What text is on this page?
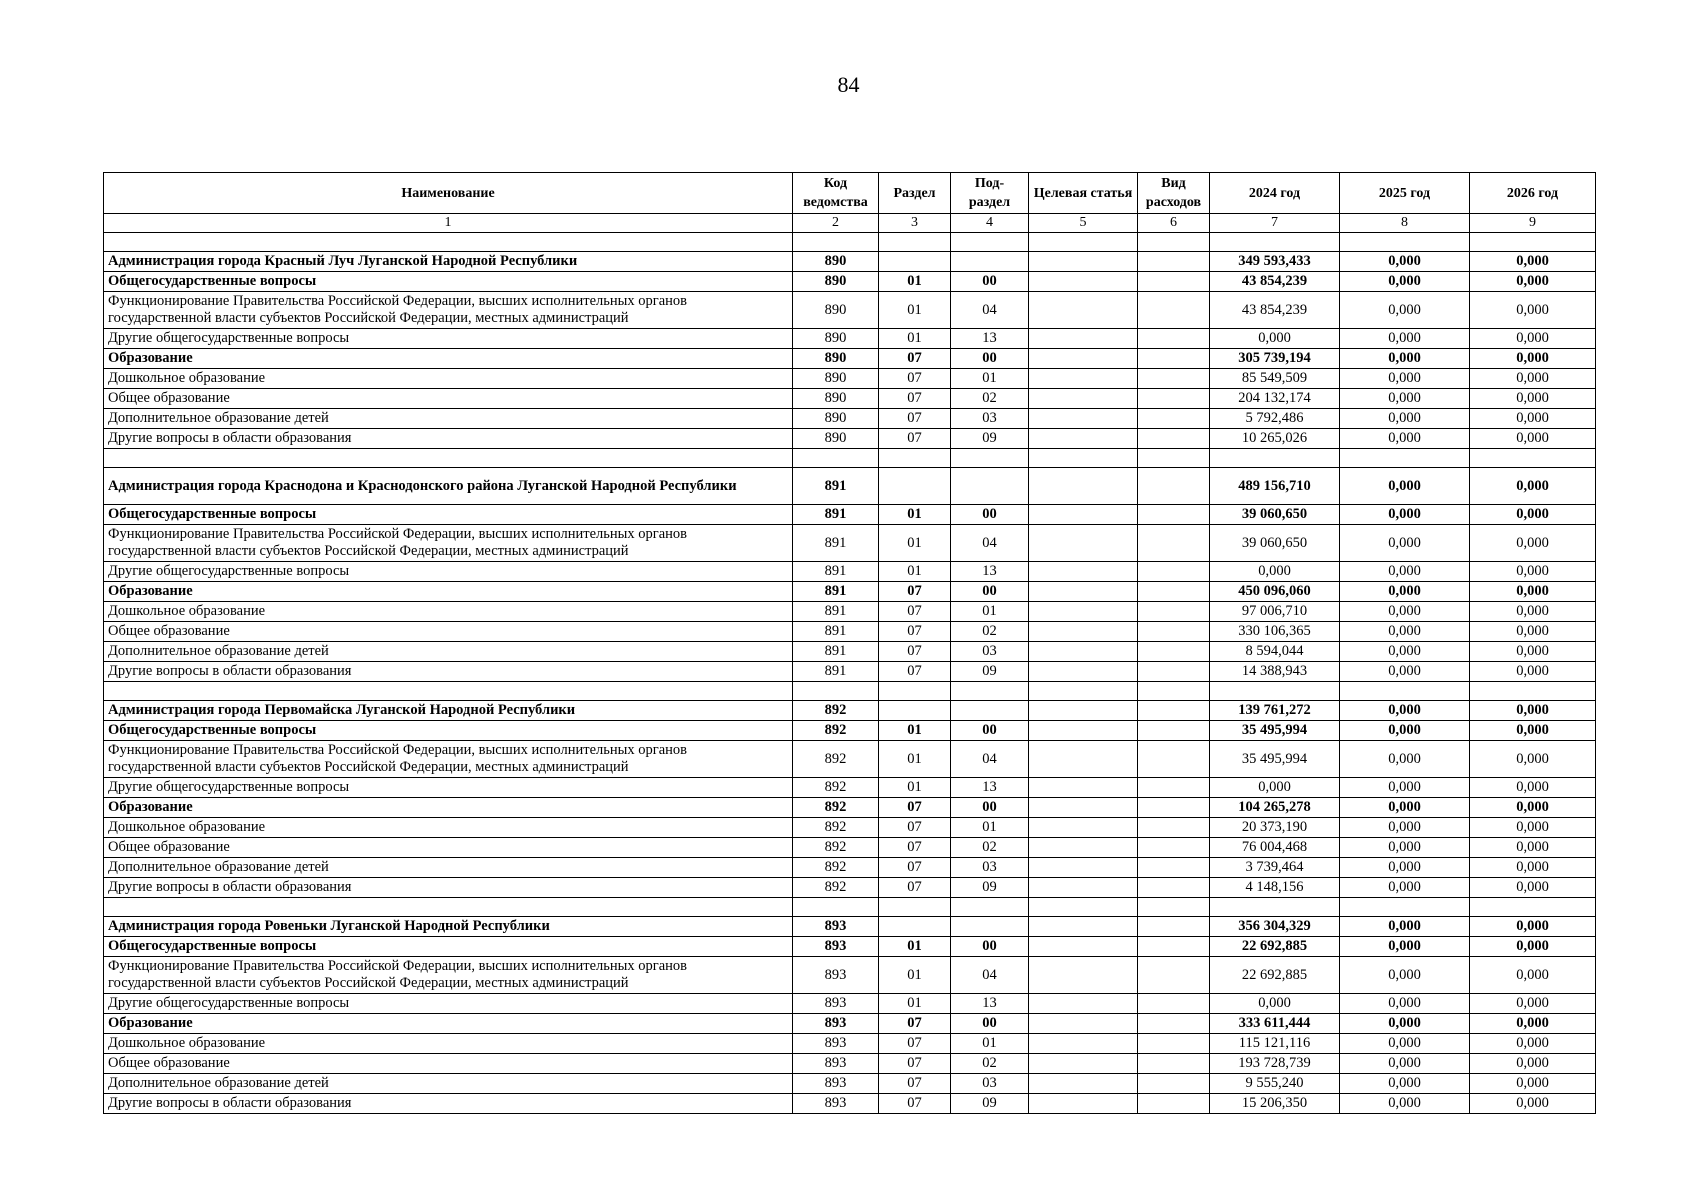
84
Наименование	Код ведомства	Раздел	Под-раздел	Целевая статья	Вид расходов	2024 год	2025 год	2026 год
1	2	3	4	5	6	7	8	9

Администрация города Красный Луч Луганской Народной Республики	890					349 593,433	0,000	0,000
Общегосударственные вопросы	890	01	00			43 854,239	0,000	0,000
Функционирование Правительства Российской Федерации, высших исполнительных органов государственной власти субъектов Российской Федерации, местных администраций	890	01	04			43 854,239	0,000	0,000
Другие общегосударственные вопросы	890	01	13			0,000	0,000	0,000
Образование	890	07	00			305 739,194	0,000	0,000
Дошкольное образование	890	07	01			85 549,509	0,000	0,000
Общее образование	890	07	02			204 132,174	0,000	0,000
Дополнительное образование детей	890	07	03			5 792,486	0,000	0,000
Другие вопросы в области образования	890	07	09			10 265,026	0,000	0,000

Администрация города Краснодона и Краснодонского района Луганской Народной Республики	891					489 156,710	0,000	0,000
Общегосударственные вопросы	891	01	00			39 060,650	0,000	0,000
Функционирование Правительства Российской Федерации, высших исполнительных органов государственной власти субъектов Российской Федерации, местных администраций	891	01	04			39 060,650	0,000	0,000
Другие общегосударственные вопросы	891	01	13			0,000	0,000	0,000
Образование	891	07	00			450 096,060	0,000	0,000
Дошкольное образование	891	07	01			97 006,710	0,000	0,000
Общее образование	891	07	02			330 106,365	0,000	0,000
Дополнительное образование детей	891	07	03			8 594,044	0,000	0,000
Другие вопросы в области образования	891	07	09			14 388,943	0,000	0,000

Администрация города Первомайска Луганской Народной Республики	892					139 761,272	0,000	0,000
Общегосударственные вопросы	892	01	00			35 495,994	0,000	0,000
Функционирование Правительства Российской Федерации, высших исполнительных органов государственной власти субъектов Российской Федерации, местных администраций	892	01	04			35 495,994	0,000	0,000
Другие общегосударственные вопросы	892	01	13			0,000	0,000	0,000
Образование	892	07	00			104 265,278	0,000	0,000
Дошкольное образование	892	07	01			20 373,190	0,000	0,000
Общее образование	892	07	02			76 004,468	0,000	0,000
Дополнительное образование детей	892	07	03			3 739,464	0,000	0,000
Другие вопросы в области образования	892	07	09			4 148,156	0,000	0,000

Администрация города Ровеньки Луганской Народной Республики	893					356 304,329	0,000	0,000
Общегосударственные вопросы	893	01	00			22 692,885	0,000	0,000
Функционирование Правительства Российской Федерации, высших исполнительных органов государственной власти субъектов Российской Федерации, местных администраций	893	01	04			22 692,885	0,000	0,000
Другие общегосударственные вопросы	893	01	13			0,000	0,000	0,000
Образование	893	07	00			333 611,444	0,000	0,000
Дошкольное образование	893	07	01			115 121,116	0,000	0,000
Общее образование	893	07	02			193 728,739	0,000	0,000
Дополнительное образование детей	893	07	03			9 555,240	0,000	0,000
Другие вопросы в области образования	893	07	09			15 206,350	0,000	0,000
